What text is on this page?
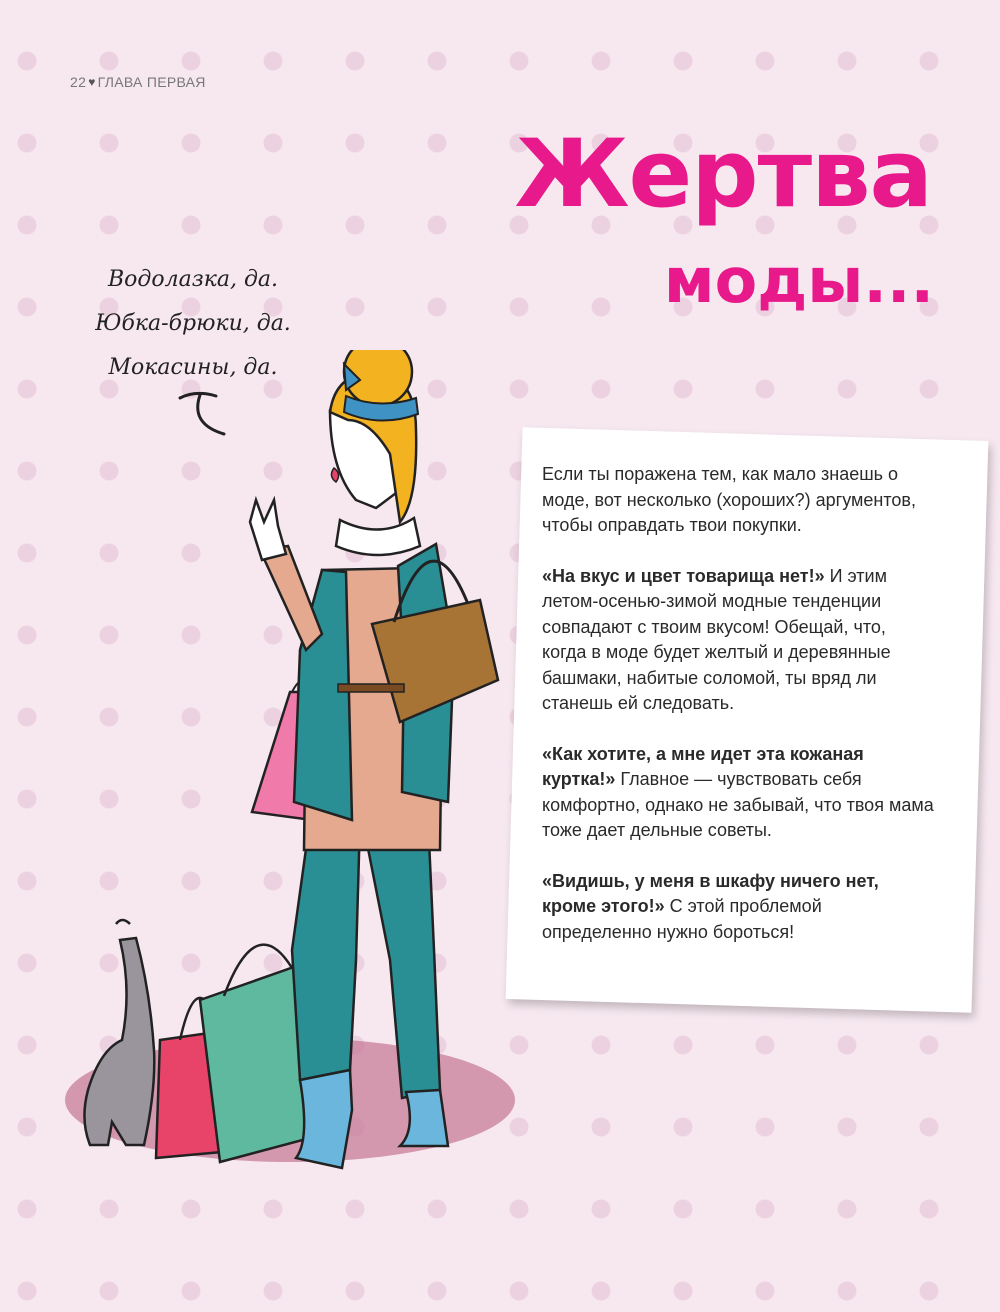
22 ♥ ГЛАВА ПЕРВАЯ
Жертва
моды...
Водолазка, да.
Юбка-брюки, да.
Мокасины, да.

Если ты поражена тем, как мало знаешь о моде, вот несколько (хороших?) аргументов, чтобы оправдать твои покупки.

«На вкус и цвет товарища нет!» И этим летом-осенью-зимой модные тенденции совпадают с твоим вкусом! Обещай, что, когда в моде будет желтый и деревянные башмаки, набитые соломой, ты вряд ли станешь ей следовать.

«Как хотите, а мне идет эта кожаная куртка!» Главное — чувствовать себя комфортно, однако не забывай, что твоя мама тоже дает дельные советы.

«Видишь, у меня в шкафу ничего нет, кроме этого!» С этой проблемой определенно нужно бороться!
